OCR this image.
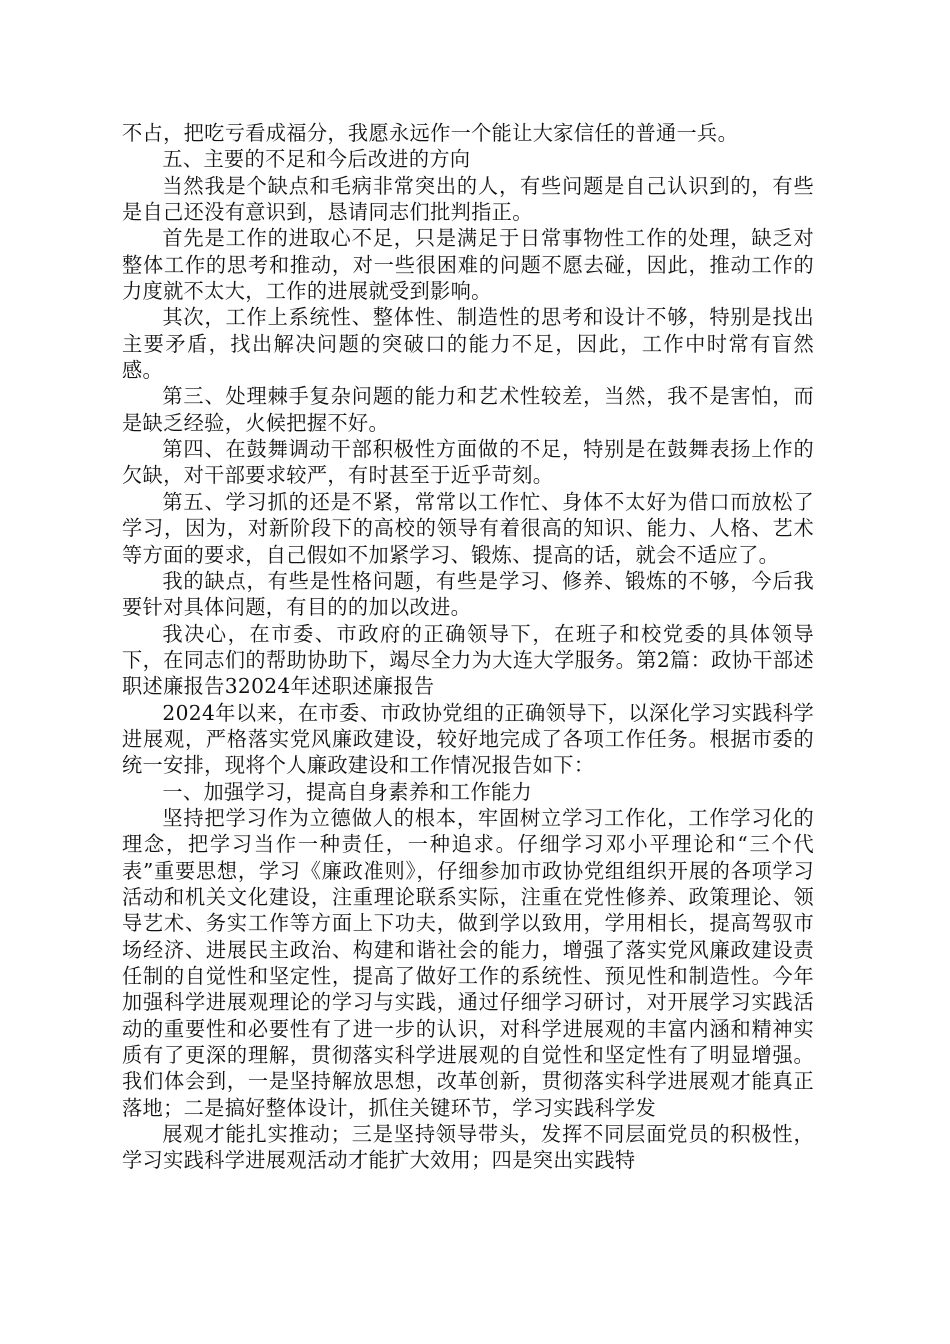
不占，把吃亏看成福分，我愿永远作一个能让大家信任的普通一兵。

五、主要的不足和今后改进的方向

当然我是个缺点和毛病非常突出的人，有些问题是自己认识到的，有些是自己还没有意识到，恳请同志们批判指正。

首先是工作的进取心不足，只是满足于日常事物性工作的处理，缺乏对整体工作的思考和推动，对一些很困难的问题不愿去碰，因此，推动工作的力度就不太大，工作的进展就受到影响。

其次，工作上系统性、整体性、制造性的思考和设计不够，特别是找出主要矛盾，找出解决问题的突破口的能力不足，因此，工作中时常有盲然感。

第三、处理棘手复杂问题的能力和艺术性较差，当然，我不是害怕，而是缺乏经验，火候把握不好。

第四、在鼓舞调动干部积极性方面做的不足，特别是在鼓舞表扬上作的欠缺，对干部要求较严，有时甚至于近乎苛刻。

第五、学习抓的还是不紧，常常以工作忙、身体不太好为借口而放松了学习，因为，对新阶段下的高校的领导有着很高的知识、能力、人格、艺术等方面的要求，自己假如不加紧学习、锻炼、提高的话，就会不适应了。

我的缺点，有些是性格问题，有些是学习、修养、锻炼的不够，今后我要针对具体问题，有目的的加以改进。

我决心，在市委、市政府的正确领导下，在班子和校党委的具体领导下，在同志们的帮助协助下，竭尽全力为大连大学服务。第2篇：政协干部述职述廉报告32024年述职述廉报告

2024年以来，在市委、市政协党组的正确领导下，以深化学习实践科学进展观，严格落实党风廉政建设，较好地完成了各项工作任务。根据市委的统一安排，现将个人廉政建设和工作情况报告如下：

一、加强学习，提高自身素养和工作能力

坚持把学习作为立德做人的根本，牢固树立学习工作化，工作学习化的理念，把学习当作一种责任，一种追求。仔细学习邓小平理论和“三个代表”重要思想，学习《廉政准则》，仔细参加市政协党组组织开展的各项学习活动和机关文化建设，注重理论联系实际，注重在党性修养、政策理论、领导艺术、务实工作等方面上下功夫，做到学以致用，学用相长，提高驾驭市场经济、进展民主政治、构建和谐社会的能力，增强了落实党风廉政建设责任制的自觉性和坚定性，提高了做好工作的系统性、预见性和制造性。今年加强科学进展观理论的学习与实践，通过仔细学习研讨，对开展学习实践活动的重要性和必要性有了进一步的认识，对科学进展观的丰富内涵和精神实质有了更深的理解，贯彻落实科学进展观的自觉性和坚定性有了明显增强。我们体会到，一是坚持解放思想，改革创新，贯彻落实科学进展观才能真正落地；二是搞好整体设计，抓住关键环节，学习实践科学发

展观才能扎实推动；三是坚持领导带头，发挥不同层面党员的积极性，学习实践科学进展观活动才能扩大效用；四是突出实践特
